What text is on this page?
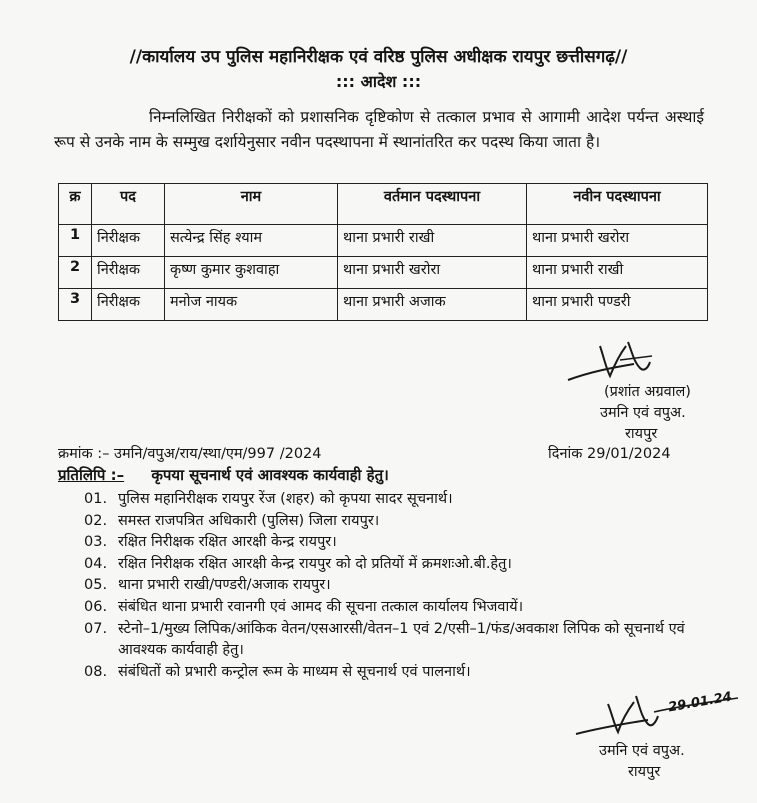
//कार्यालय उप पुलिस महानिरीक्षक एवं वरिष्ठ पुलिस अधीक्षक रायपुर छत्तीसगढ़//
::: आदेश :::
निम्नलिखित निरीक्षकों को प्रशासनिक दृष्टिकोण से तत्काल प्रभाव से आगामी आदेश पर्यन्त अस्थाई रूप से उनके नाम के सम्मुख दर्शायेनुसार नवीन पदस्थापना में स्थानांतरित कर पदस्थ किया जाता है।
क्र	पद	नाम	वर्तमान पदस्थापना	नवीन पदस्थापना
1	निरीक्षक	सत्येन्द्र सिंह श्याम	थाना प्रभारी राखी	थाना प्रभारी खरोरा
2	निरीक्षक	कृष्ण कुमार कुशवाहा	थाना प्रभारी खरोरा	थाना प्रभारी राखी
3	निरीक्षक	मनोज नायक	थाना प्रभारी अजाक	थाना प्रभारी पण्डरी
(प्रशांत अग्रवाल)
उमनि एवं वपुअ.
रायपुर
क्रमांक :– उमनि/वपुअ/राय/स्था/एम/997 /2024	दिनांक 29/01/2024
प्रतिलिपि :– कृपया सूचनार्थ एवं आवश्यक कार्यवाही हेतु।
01. पुलिस महानिरीक्षक रायपुर रेंज (शहर) को कृपया सादर सूचनार्थ।
02. समस्त राजपत्रित अधिकारी (पुलिस) जिला रायपुर।
03. रक्षित निरीक्षक रक्षित आरक्षी केन्द्र रायपुर।
04. रक्षित निरीक्षक रक्षित आरक्षी केन्द्र रायपुर को दो प्रतियों में क्रमशःओ.बी.हेतु।
05. थाना प्रभारी राखी/पण्डरी/अजाक रायपुर।
06. संबंधित थाना प्रभारी रवानगी एवं आमद की सूचना तत्काल कार्यालय भिजवायें।
07. स्टेनो–1/मुख्य लिपिक/आंकिक वेतन/एसआरसी/वेतन–1 एवं 2/एसी–1/फंड/अवकाश लिपिक को सूचनार्थ एवं आवश्यक कार्यवाही हेतु।
08. संबंधितों को प्रभारी कन्ट्रोल रूम के माध्यम से सूचनार्थ एवं पालनार्थ।
29.01.24
उमनि एवं वपुअ.
रायपुर
